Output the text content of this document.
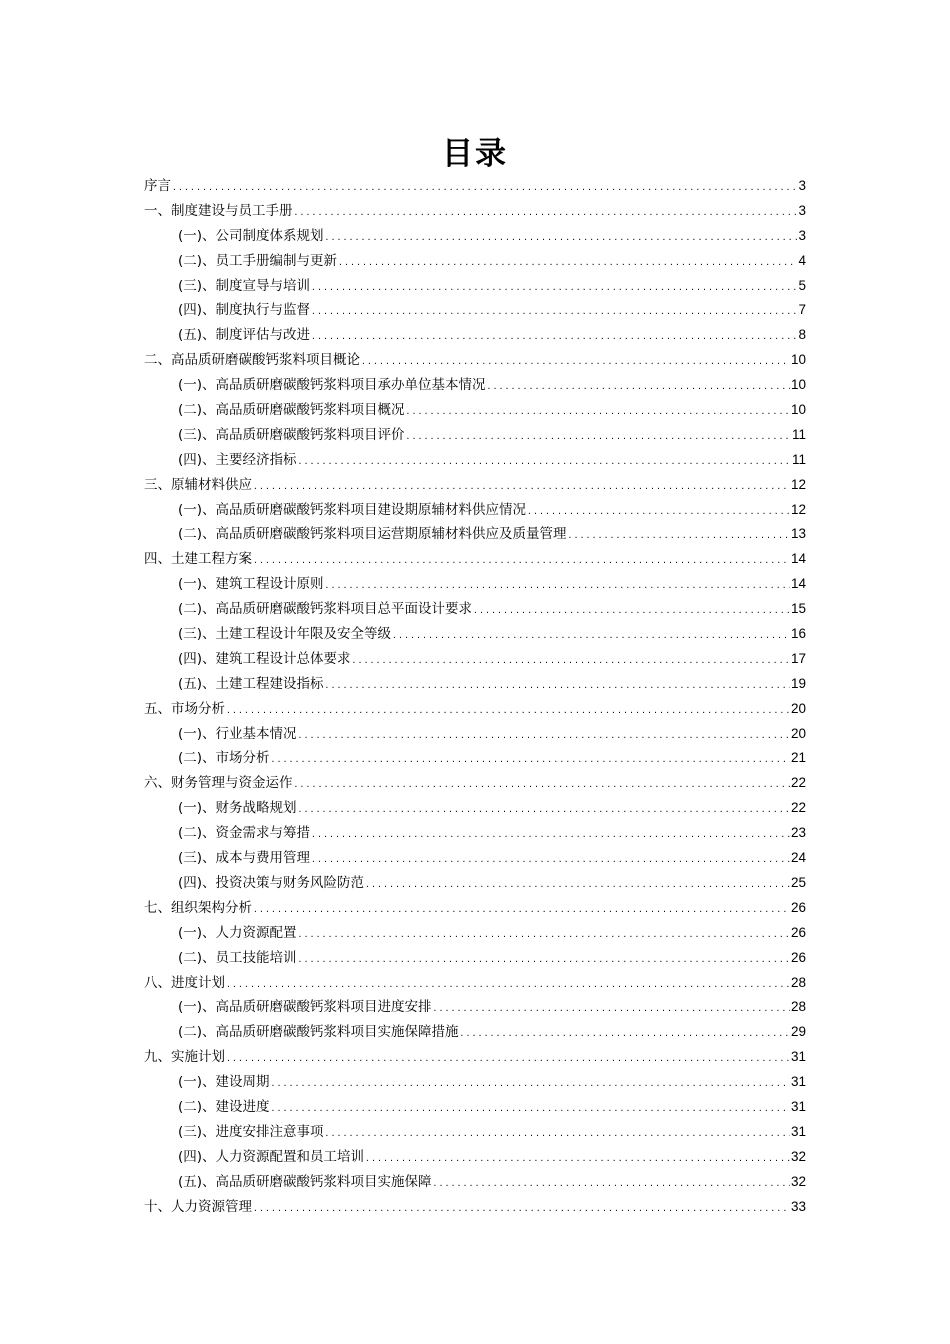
目录
序言 .....	3
一、制度建设与员工手册 .....	3
(一)、公司制度体系规划 .....	3
(二)、员工手册编制与更新 .....	4
(三)、制度宣导与培训 .....	5
(四)、制度执行与监督 .....	7
(五)、制度评估与改进 .....	8
二、高品质研磨碳酸钙浆料项目概论 .....	10
(一)、高品质研磨碳酸钙浆料项目承办单位基本情况 .....	10
(二)、高品质研磨碳酸钙浆料项目概况 .....	10
(三)、高品质研磨碳酸钙浆料项目评价 .....	11
(四)、主要经济指标 .....	11
三、原辅材料供应 .....	12
(一)、高品质研磨碳酸钙浆料项目建设期原辅材料供应情况 .....	12
(二)、高品质研磨碳酸钙浆料项目运营期原辅材料供应及质量管理 .....	13
四、土建工程方案 .....	14
(一)、建筑工程设计原则 .....	14
(二)、高品质研磨碳酸钙浆料项目总平面设计要求 .....	15
(三)、土建工程设计年限及安全等级 .....	16
(四)、建筑工程设计总体要求 .....	17
(五)、土建工程建设指标 .....	19
五、市场分析 .....	20
(一)、行业基本情况 .....	20
(二)、市场分析 .....	21
六、财务管理与资金运作 .....	22
(一)、财务战略规划 .....	22
(二)、资金需求与筹措 .....	23
(三)、成本与费用管理 .....	24
(四)、投资决策与财务风险防范 .....	25
七、组织架构分析 .....	26
(一)、人力资源配置 .....	26
(二)、员工技能培训 .....	26
八、进度计划 .....	28
(一)、高品质研磨碳酸钙浆料项目进度安排 .....	28
(二)、高品质研磨碳酸钙浆料项目实施保障措施 .....	29
九、实施计划 .....	31
(一)、建设周期 .....	31
(二)、建设进度 .....	31
(三)、进度安排注意事项 .....	31
(四)、人力资源配置和员工培训 .....	32
(五)、高品质研磨碳酸钙浆料项目实施保障 .....	32
十、人力资源管理 .....	33
